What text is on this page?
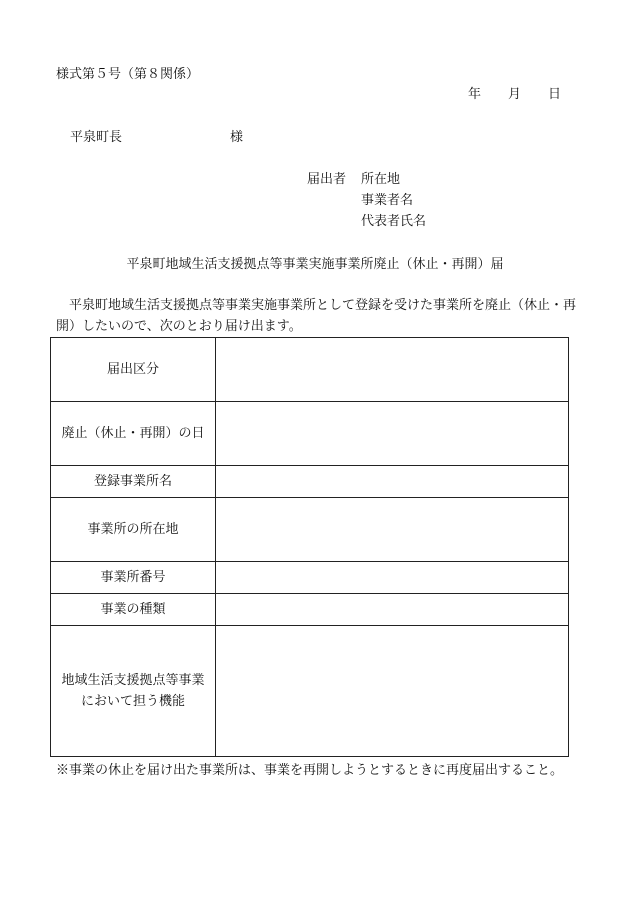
様式第５号（第８関係）
年 月 日
平泉町長	様
届出者 所在地
事業者名
代表者氏名
平泉町地域生活支援拠点等事業実施事業所廃止（休止・再開）届
平泉町地域生活支援拠点等事業実施事業所として登録を受けた事業所を廃止（休止・再開）したいので、次のとおり届け出ます。
届出区分	
廃止（休止・再開）の日	
登録事業所名	
事業所の所在地	
事業所番号	
事業の種類	
地域生活支援拠点等事業
において担う機能	
※事業の休止を届け出た事業所は、事業を再開しようとするときに再度届出すること。
